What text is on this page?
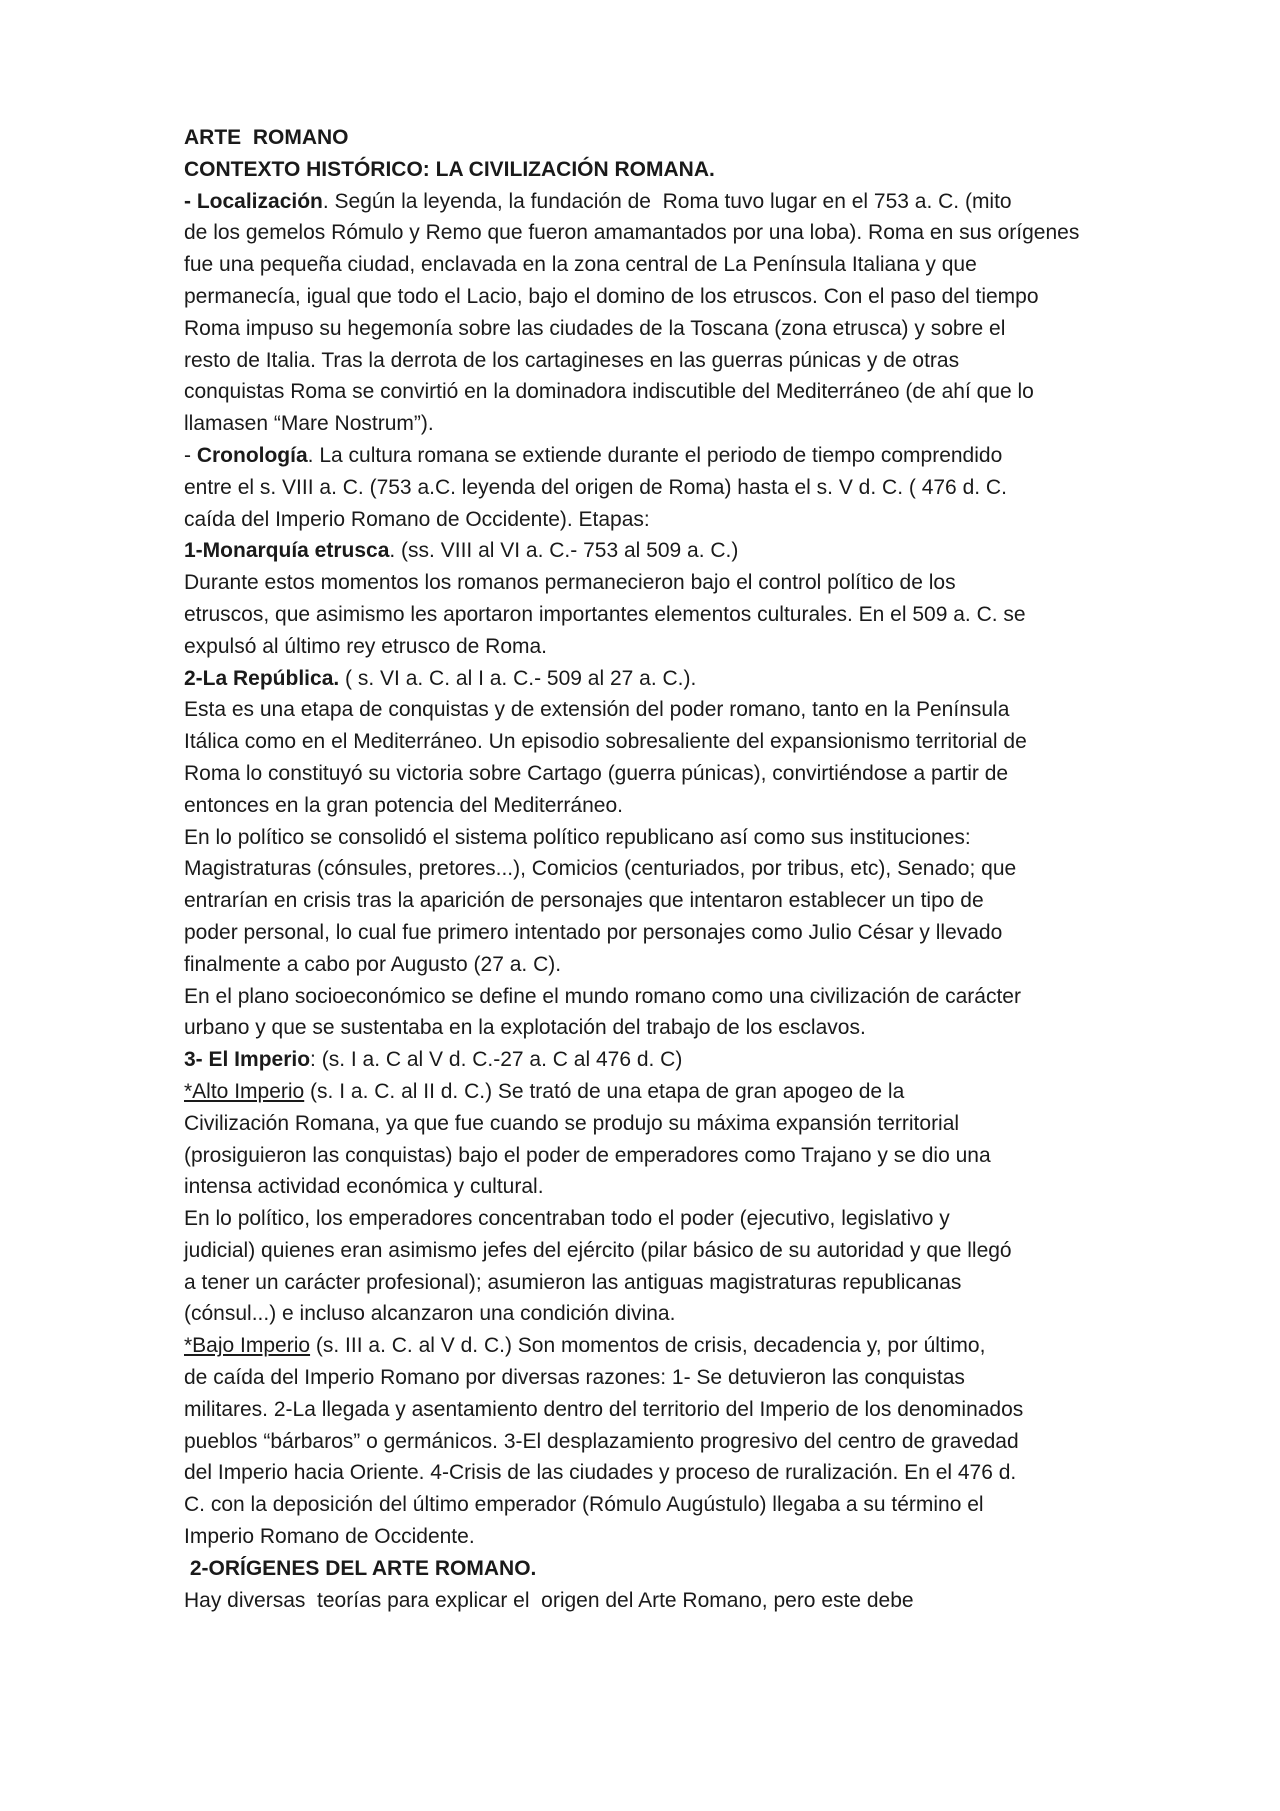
ARTE  ROMANO
CONTEXTO HISTÓRICO: LA CIVILIZACIÓN ROMANA.
- Localización. Según la leyenda, la fundación de  Roma tuvo lugar en el 753 a. C. (mito
de los gemelos Rómulo y Remo que fueron amamantados por una loba). Roma en sus orígenes
fue una pequeña ciudad, enclavada en la zona central de La Península Italiana y que
permanecía, igual que todo el Lacio, bajo el domino de los etruscos. Con el paso del tiempo
Roma impuso su hegemonía sobre las ciudades de la Toscana (zona etrusca) y sobre el
resto de Italia. Tras la derrota de los cartagineses en las guerras púnicas y de otras
conquistas Roma se convirtió en la dominadora indiscutible del Mediterráneo (de ahí que lo
llamasen “Mare Nostrum”).
- Cronología. La cultura romana se extiende durante el periodo de tiempo comprendido
entre el s. VIII a. C. (753 a.C. leyenda del origen de Roma) hasta el s. V d. C. ( 476 d. C.
caída del Imperio Romano de Occidente). Etapas:
1-Monarquía etrusca. (ss. VIII al VI a. C.- 753 al 509 a. C.)
Durante estos momentos los romanos permanecieron bajo el control político de los
etruscos, que asimismo les aportaron importantes elementos culturales. En el 509 a. C. se
expulsó al último rey etrusco de Roma.
2-La República. ( s. VI a. C. al I a. C.- 509 al 27 a. C.).
Esta es una etapa de conquistas y de extensión del poder romano, tanto en la Península
Itálica como en el Mediterráneo. Un episodio sobresaliente del expansionismo territorial de
Roma lo constituyó su victoria sobre Cartago (guerra púnicas), convirtiéndose a partir de
entonces en la gran potencia del Mediterráneo.
En lo político se consolidó el sistema político republicano así como sus instituciones:
Magistraturas (cónsules, pretores...), Comicios (centuriados, por tribus, etc), Senado; que
entrarían en crisis tras la aparición de personajes que intentaron establecer un tipo de
poder personal, lo cual fue primero intentado por personajes como Julio César y llevado
finalmente a cabo por Augusto (27 a. C).
En el plano socioeconómico se define el mundo romano como una civilización de carácter
urbano y que se sustentaba en la explotación del trabajo de los esclavos.
3- El Imperio: (s. I a. C al V d. C.-27 a. C al 476 d. C)
*Alto Imperio (s. I a. C. al II d. C.) Se trató de una etapa de gran apogeo de la
Civilización Romana, ya que fue cuando se produjo su máxima expansión territorial
(prosiguieron las conquistas) bajo el poder de emperadores como Trajano y se dio una
intensa actividad económica y cultural.
En lo político, los emperadores concentraban todo el poder (ejecutivo, legislativo y
judicial) quienes eran asimismo jefes del ejército (pilar básico de su autoridad y que llegó
a tener un carácter profesional); asumieron las antiguas magistraturas republicanas
(cónsul...) e incluso alcanzaron una condición divina.
*Bajo Imperio (s. III a. C. al V d. C.) Son momentos de crisis, decadencia y, por último,
de caída del Imperio Romano por diversas razones: 1- Se detuvieron las conquistas
militares. 2-La llegada y asentamiento dentro del territorio del Imperio de los denominados
pueblos “bárbaros” o germánicos. 3-El desplazamiento progresivo del centro de gravedad
del Imperio hacia Oriente. 4-Crisis de las ciudades y proceso de ruralización. En el 476 d.
C. con la deposición del último emperador (Rómulo Augústulo) llegaba a su término el
Imperio Romano de Occidente.
2-ORÍGENES DEL ARTE ROMANO.
Hay diversas  teorías para explicar el  origen del Arte Romano, pero este debe
